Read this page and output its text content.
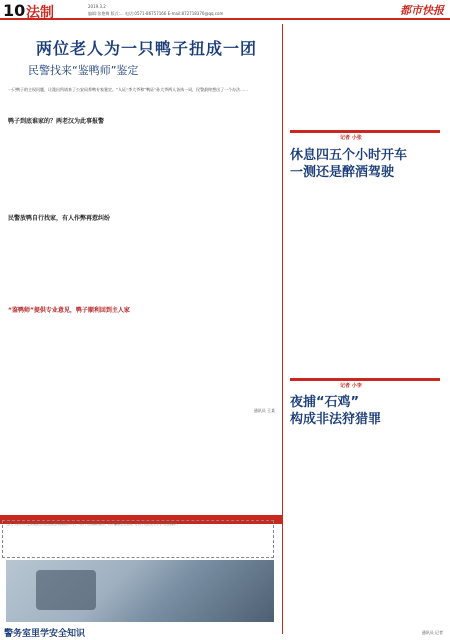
10 法制	2019.3.2
编辑:张艳梅 版式:... 电话:0571-86757166 E-mail:872718370@qq.com	都市快报
两位老人为一只鸭子扭成一团
民警找来“鉴鸭师”鉴定
一只鸭子的主权问题，让派出所请来了公安局养鸭专家鉴定。“人证”李大爷和“鸭证”孙大爷两人各执一词，民警最终想出了一个办法……
鸭子到底谁家的？两老汉为此事报警
民警放鸭自行找家，有人作弊再惹纠纷
“鉴鸭师”提供专业意见，鸭子顺利回到主人家
通讯员 王某
近日，杭州市公安局某派出所社区民警来到辖区小学，为孩子们讲解防溺水、防诈骗等安全知识，让孩子们在快乐中学习自我保护。
警务室里学安全知识
记者 小张
休息四五个小时开车
一测还是醉酒驾驶
记者 小李
夜捕“石鸡”
构成非法狩猎罪
通讯员 记者
